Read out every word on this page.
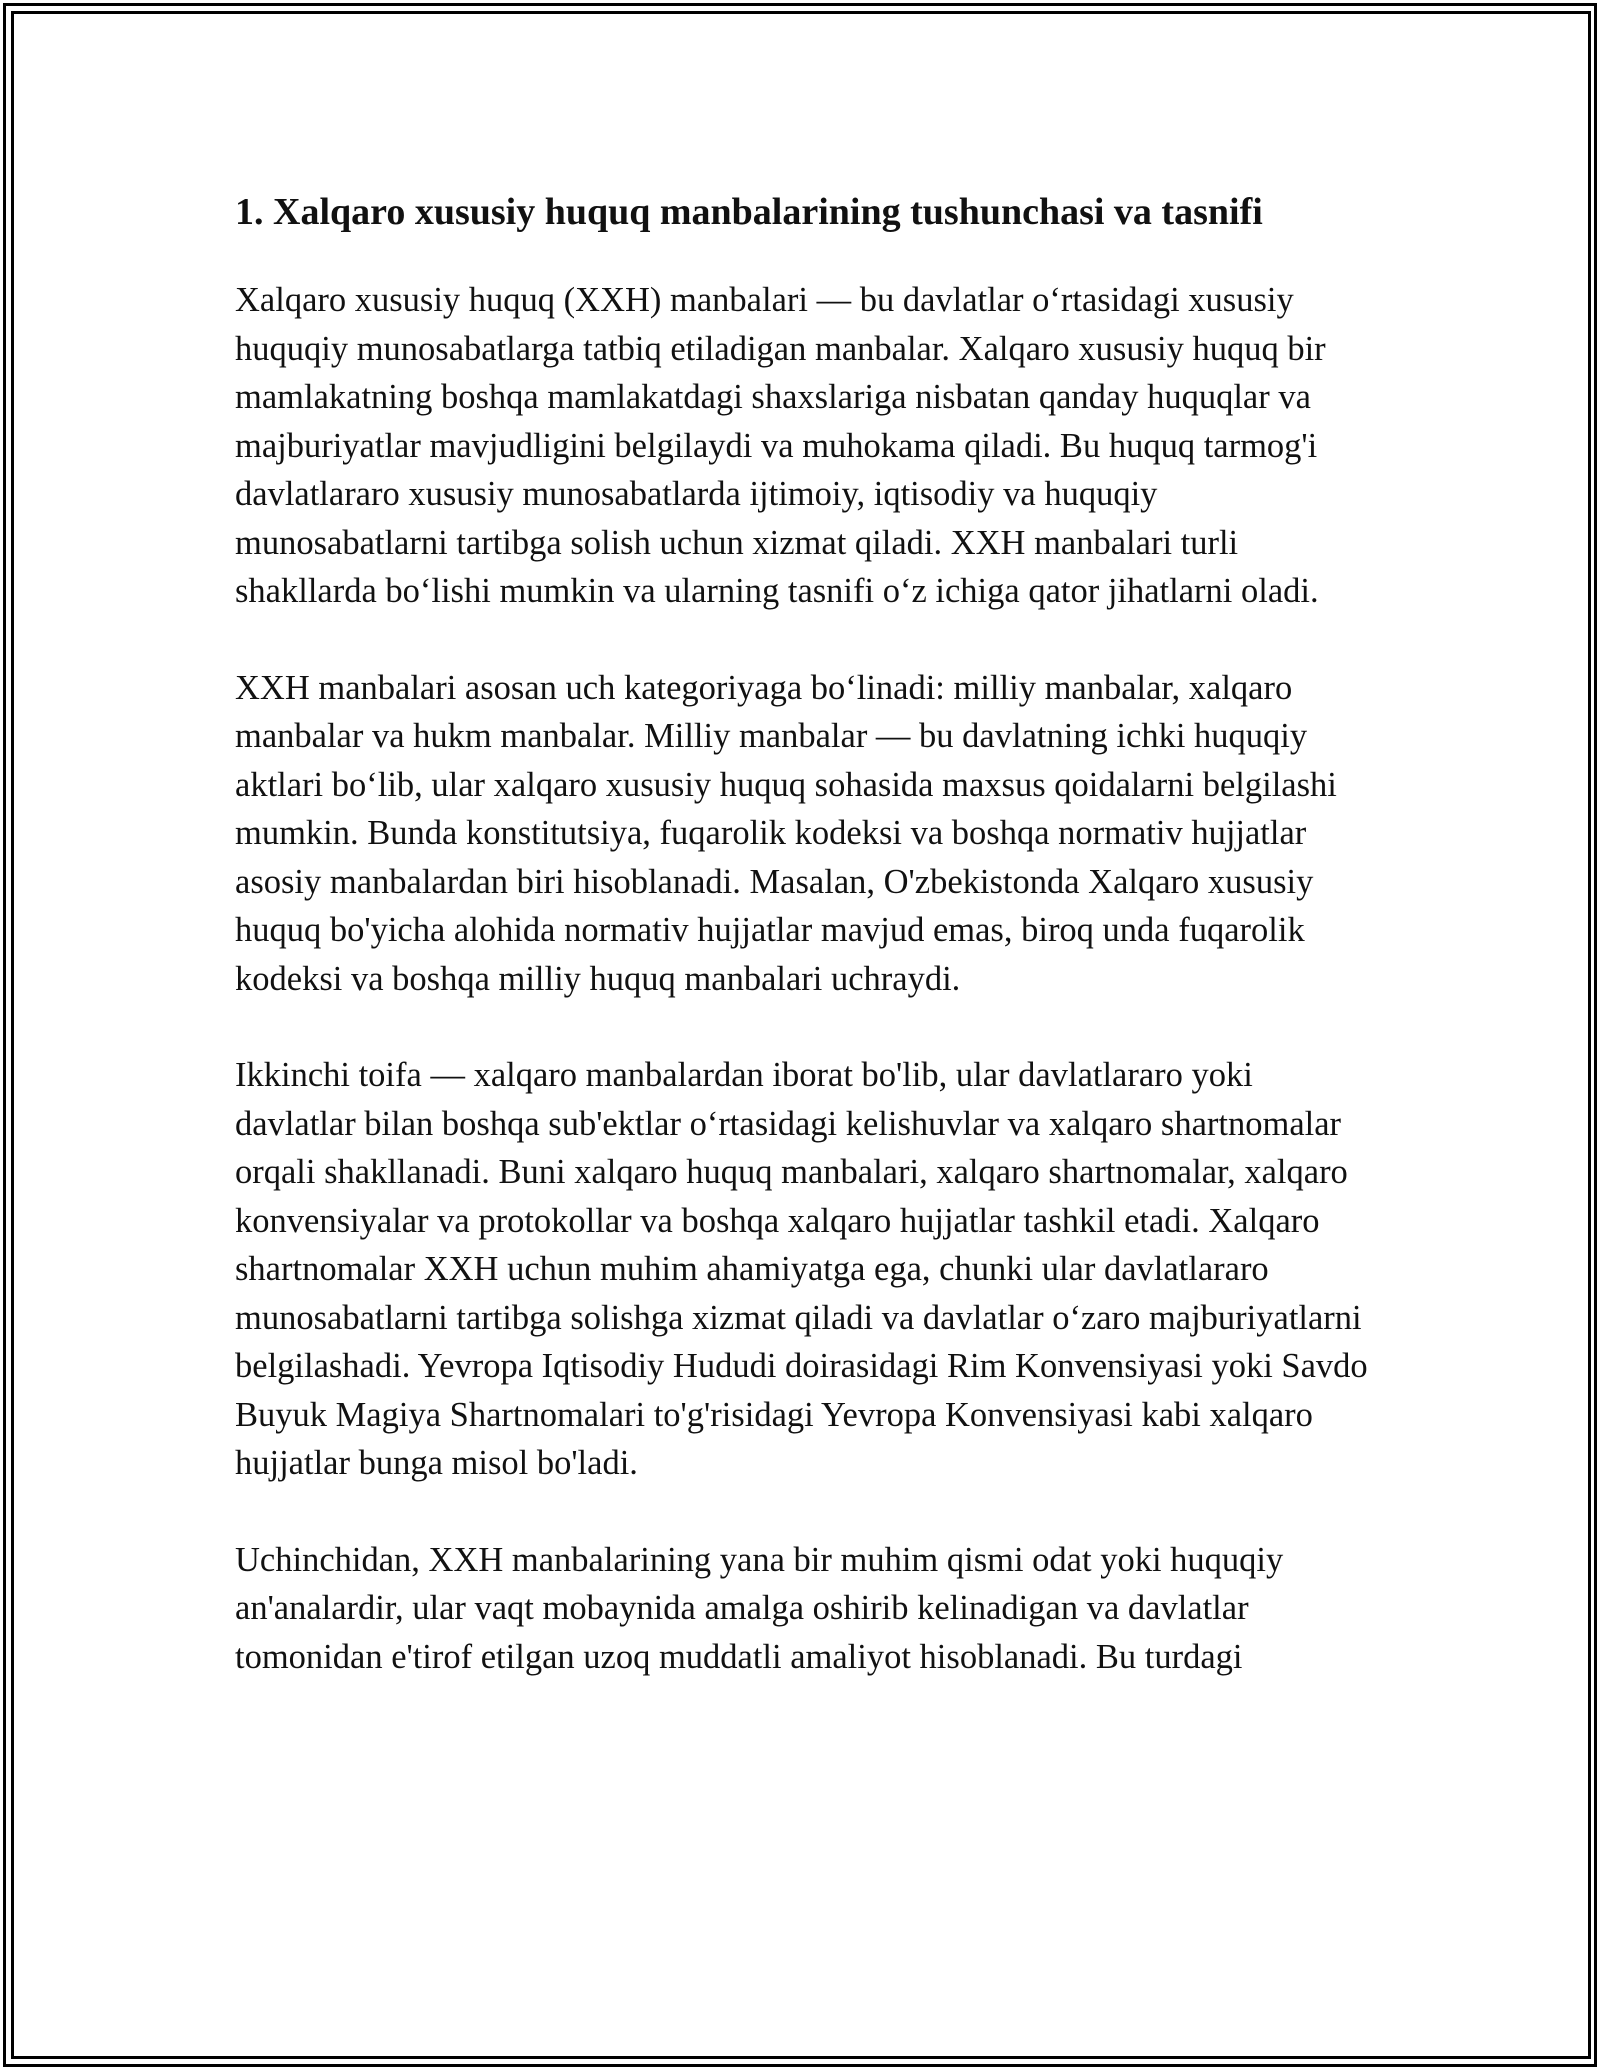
1. Xalqaro xususiy huquq manbalarining tushunchasi va tasnifi

Xalqaro xususiy huquq (XXH) manbalari — bu davlatlar o‘rtasidagi xususiy huquqiy munosabatlarga tatbiq etiladigan manbalar. Xalqaro xususiy huquq bir mamlakatning boshqa mamlakatdagi shaxslariga nisbatan qanday huquqlar va majburiyatlar mavjudligini belgilaydi va muhokama qiladi. Bu huquq tarmog'i davlatlararo xususiy munosabatlarda ijtimoiy, iqtisodiy va huquqiy munosabatlarni tartibga solish uchun xizmat qiladi. XXH manbalari turli shakllarda bo‘lishi mumkin va ularning tasnifi o‘z ichiga qator jihatlarni oladi.

XXH manbalari asosan uch kategoriyaga bo‘linadi: milliy manbalar, xalqaro manbalar va hukm manbalar. Milliy manbalar — bu davlatning ichki huquqiy aktlari bo‘lib, ular xalqaro xususiy huquq sohasida maxsus qoidalarni belgilashi mumkin. Bunda konstitutsiya, fuqarolik kodeksi va boshqa normativ hujjatlar asosiy manbalardan biri hisoblanadi. Masalan, O'zbekistonda Xalqaro xususiy huquq bo'yicha alohida normativ hujjatlar mavjud emas, biroq unda fuqarolik kodeksi va boshqa milliy huquq manbalari uchraydi.

Ikkinchi toifa — xalqaro manbalardan iborat bo'lib, ular davlatlararo yoki davlatlar bilan boshqa sub'ektlar o‘rtasidagi kelishuvlar va xalqaro shartnomalar orqali shakllanadi. Buni xalqaro huquq manbalari, xalqaro shartnomalar, xalqaro konvensiyalar va protokollar va boshqa xalqaro hujjatlar tashkil etadi. Xalqaro shartnomalar XXH uchun muhim ahamiyatga ega, chunki ular davlatlararo munosabatlarni tartibga solishga xizmat qiladi va davlatlar o‘zaro majburiyatlarni belgilashadi. Yevropa Iqtisodiy Hududi doirasidagi Rim Konvensiyasi yoki Savdo Buyuk Magiya Shartnomalari to'g'risidagi Yevropa Konvensiyasi kabi xalqaro hujjatlar bunga misol bo'ladi.

Uchinchidan, XXH manbalarining yana bir muhim qismi odat yoki huquqiy an'analardir, ular vaqt mobaynida amalga oshirib kelinadigan va davlatlar tomonidan e'tirof etilgan uzoq muddatli amaliyot hisoblanadi. Bu turdagi
